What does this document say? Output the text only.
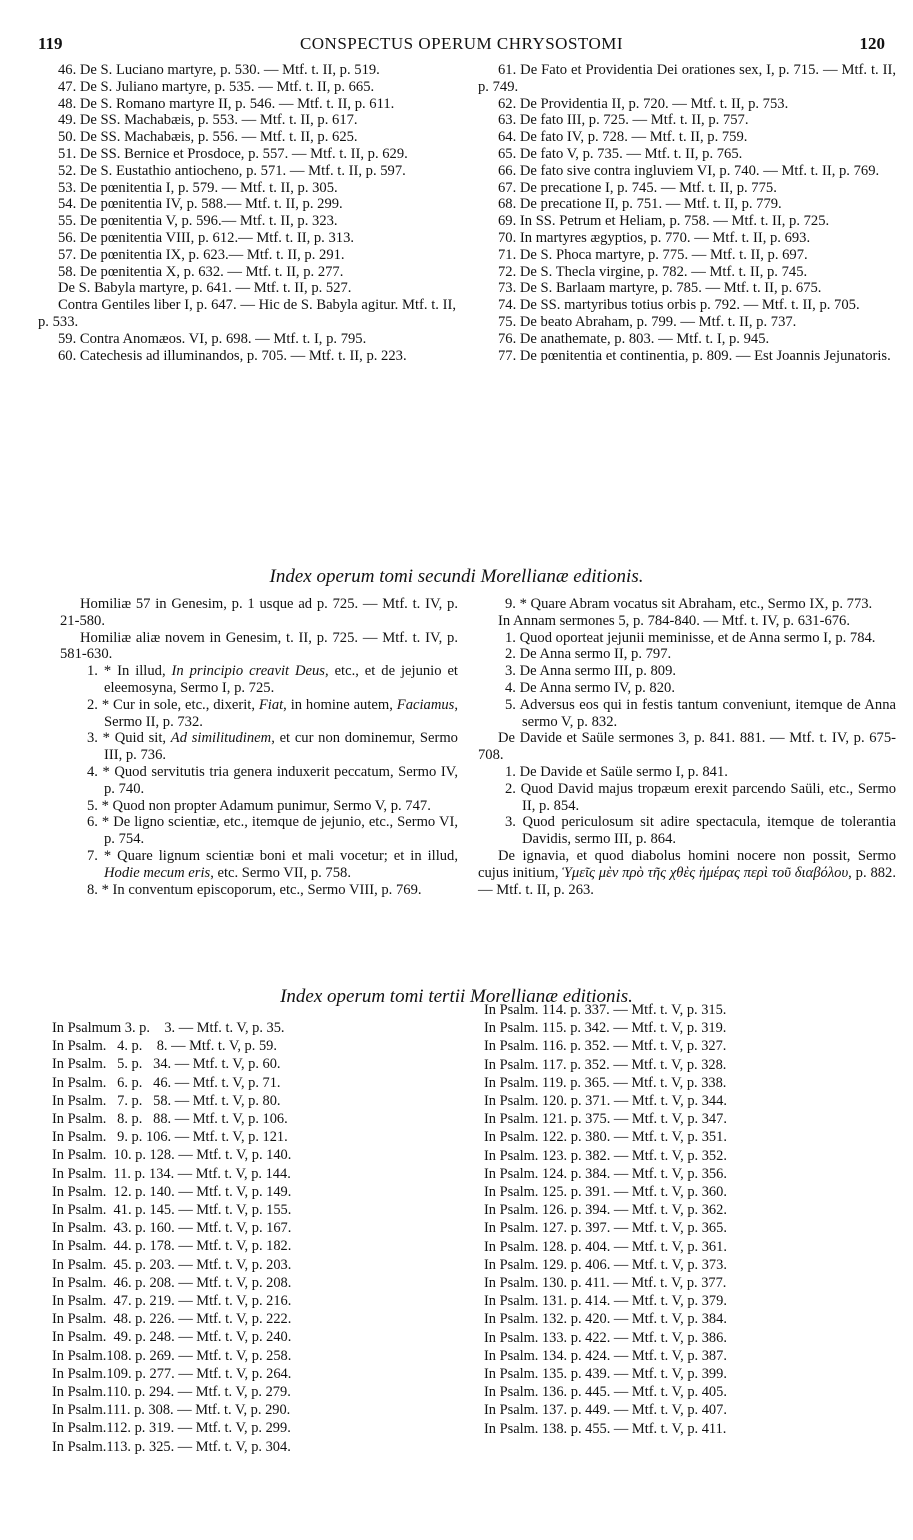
119	CONSPECTUS OPERUM CHRYSOSTOMI	120

46. De S. Luciano martyre, p. 530. — Mtf. t. II, p. 519.

47. De S. Juliano martyre, p. 535. — Mtf. t. II, p. 665.

48. De S. Romano martyre II, p. 546. — Mtf. t. II, p. 611.

49. De SS. Machabæis, p. 553. — Mtf. t. II, p. 617.

50. De SS. Machabæis, p. 556. — Mtf. t. II, p. 625.

51. De SS. Bernice et Prosdoce, p. 557. — Mtf. t. II, p. 629.

52. De S. Eustathio antiocheno, p. 571. — Mtf. t. II, p. 597.

53. De pœnitentia I, p. 579. — Mtf. t. II, p. 305.

54. De pœnitentia IV, p. 588.— Mtf. t. II, p. 299.

55. De pœnitentia V, p. 596.— Mtf. t. II, p. 323.

56. De pœnitentia VIII, p. 612.— Mtf. t. II, p. 313.

57. De pœnitentia IX, p. 623.— Mtf. t. II, p. 291.

58. De pœnitentia X, p. 632. — Mtf. t. II, p. 277.

De S. Babyla martyre, p. 641. — Mtf. t. II, p. 527.

Contra Gentiles liber I, p. 647. — Hic de S. Babyla agitur. Mtf. t. II, p. 533.

59. Contra Anomæos. VI, p. 698. — Mtf. t. I, p. 795.

60. Catechesis ad illuminandos, p. 705. — Mtf. t. II, p. 223.

61. De Fato et Providentia Dei orationes sex, I, p. 715. — Mtf. t. II, p. 749.

62. De Providentia II, p. 720. — Mtf. t. II, p. 753.

63. De fato III, p. 725. — Mtf. t. II, p. 757.

64. De fato IV, p. 728. — Mtf. t. II, p. 759.

65. De fato V, p. 735. — Mtf. t. II, p. 765.

66. De fato sive contra ingluviem VI, p. 740. — Mtf. t. II, p. 769.

67. De precatione I, p. 745. — Mtf. t. II, p. 775.

68. De precatione II, p. 751. — Mtf. t. II, p. 779.

69. In SS. Petrum et Heliam, p. 758. — Mtf. t. II, p. 725.

70. In martyres ægyptios, p. 770. — Mtf. t. II, p. 693.

71. De S. Phoca martyre, p. 775. — Mtf. t. II, p. 697.

72. De S. Thecla virgine, p. 782. — Mtf. t. II, p. 745.

73. De S. Barlaam martyre, p. 785. — Mtf. t. II, p. 675.

74. De SS. martyribus totius orbis p. 792. — Mtf. t. II, p. 705.

75. De beato Abraham, p. 799. — Mtf. t. II, p. 737.

76. De anathemate, p. 803. — Mtf. t. I, p. 945.

77. De pœnitentia et continentia, p. 809. — Est Joannis Jejunatoris.

Index operum tomi secundi Morellianæ editionis.

Homiliæ 57 in Genesim, p. 1 usque ad p. 725. — Mtf. t. IV, p. 21-580.

Homiliæ aliæ novem in Genesim, t. II, p. 725. — Mtf. t. IV, p. 581-630.

1. * In illud, In principio creavit Deus, etc., et de jejunio et eleemosyna, Sermo I, p. 725.

2. * Cur in sole, etc., dixerit, Fiat, in homine autem, Faciamus, Sermo II, p. 732.

3. * Quid sit, Ad similitudinem, et cur non dominemur, Sermo III, p. 736.

4. * Quod servitutis tria genera induxerit peccatum, Sermo IV, p. 740.

5. * Quod non propter Adamum punimur, Sermo V, p. 747.

6. * De ligno scientiæ, etc., itemque de jejunio, etc., Sermo VI, p. 754.

7. * Quare lignum scientiæ boni et mali vocetur; et in illud, Hodie mecum eris, etc. Sermo VII, p. 758.

8. * In conventum episcoporum, etc., Sermo VIII, p. 769.

9. * Quare Abram vocatus sit Abraham, etc., Sermo IX, p. 773.

In Annam sermones 5, p. 784-840. — Mtf. t. IV, p. 631-676.

1. Quod oporteat jejunii meminisse, et de Anna sermo I, p. 784.

2. De Anna sermo II, p. 797.

3. De Anna sermo III, p. 809.

4. De Anna sermo IV, p. 820.

5. Adversus eos qui in festis tantum conveniunt, itemque de Anna sermo V, p. 832.

De Davide et Saüle sermones 3, p. 841. 881. — Mtf. t. IV, p. 675-708.

1. De Davide et Saüle sermo I, p. 841.

2. Quod David majus tropæum erexit parcendo Saüli, etc., Sermo II, p. 854.

3. Quod periculosum sit adire spectacula, itemque de tolerantia Davidis, sermo III, p. 864.

De ignavia, et quod diabolus homini nocere non possit, Sermo cujus initium, Ὑμεῖς μὲν πρὸ τῆς χθὲς ἡμέρας περὶ τοῦ διαβόλου, p. 882. — Mtf. t. II, p. 263.

Index operum tomi tertii Morellianæ editionis.

In Psalmum 3. p.    3. — Mtf. t. V, p. 35.

In Psalm.   4. p.    8. — Mtf. t. V, p. 59.

In Psalm.   5. p.   34. — Mtf. t. V, p. 60.

In Psalm.   6. p.   46. — Mtf. t. V, p. 71.

In Psalm.   7. p.   58. — Mtf. t. V, p. 80.

In Psalm.   8. p.   88. — Mtf. t. V, p. 106.

In Psalm.   9. p. 106. — Mtf. t. V, p. 121.

In Psalm.  10. p. 128. — Mtf. t. V, p. 140.

In Psalm.  11. p. 134. — Mtf. t. V, p. 144.

In Psalm.  12. p. 140. — Mtf. t. V, p. 149.

In Psalm.  41. p. 145. — Mtf. t. V, p. 155.

In Psalm.  43. p. 160. — Mtf. t. V, p. 167.

In Psalm.  44. p. 178. — Mtf. t. V, p. 182.

In Psalm.  45. p. 203. — Mtf. t. V, p. 203.

In Psalm.  46. p. 208. — Mtf. t. V, p. 208.

In Psalm.  47. p. 219. — Mtf. t. V, p. 216.

In Psalm.  48. p. 226. — Mtf. t. V, p. 222.

In Psalm.  49. p. 248. — Mtf. t. V, p. 240.

In Psalm.108. p. 269. — Mtf. t. V, p. 258.

In Psalm.109. p. 277. — Mtf. t. V, p. 264.

In Psalm.110. p. 294. — Mtf. t. V, p. 279.

In Psalm.111. p. 308. — Mtf. t. V, p. 290.

In Psalm.112. p. 319. — Mtf. t. V, p. 299.

In Psalm.113. p. 325. — Mtf. t. V, p. 304.

In Psalm. 114. p. 337. — Mtf. t. V, p. 315.

In Psalm. 115. p. 342. — Mtf. t. V, p. 319.

In Psalm. 116. p. 352. — Mtf. t. V, p. 327.

In Psalm. 117. p. 352. — Mtf. t. V, p. 328.

In Psalm. 119. p. 365. — Mtf. t. V, p. 338.

In Psalm. 120. p. 371. — Mtf. t. V, p. 344.

In Psalm. 121. p. 375. — Mtf. t. V, p. 347.

In Psalm. 122. p. 380. — Mtf. t. V, p. 351.

In Psalm. 123. p. 382. — Mtf. t. V, p. 352.

In Psalm. 124. p. 384. — Mtf. t. V, p. 356.

In Psalm. 125. p. 391. — Mtf. t. V, p. 360.

In Psalm. 126. p. 394. — Mtf. t. V, p. 362.

In Psalm. 127. p. 397. — Mtf. t. V, p. 365.

In Psalm. 128. p. 404. — Mtf. t. V, p. 361.

In Psalm. 129. p. 406. — Mtf. t. V, p. 373.

In Psalm. 130. p. 411. — Mtf. t. V, p. 377.

In Psalm. 131. p. 414. — Mtf. t. V, p. 379.

In Psalm. 132. p. 420. — Mtf. t. V, p. 384.

In Psalm. 133. p. 422. — Mtf. t. V, p. 386.

In Psalm. 134. p. 424. — Mtf. t. V, p. 387.

In Psalm. 135. p. 439. — Mtf. t. V, p. 399.

In Psalm. 136. p. 445. — Mtf. t. V, p. 405.

In Psalm. 137. p. 449. — Mtf. t. V, p. 407.

In Psalm. 138. p. 455. — Mtf. t. V, p. 411.
